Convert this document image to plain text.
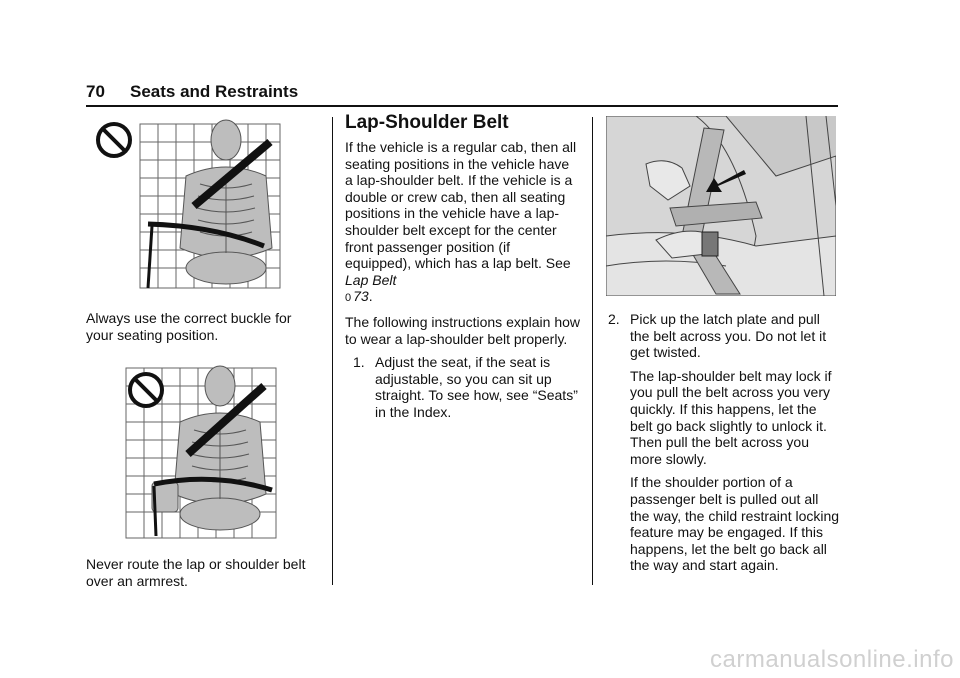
70 Seats and Restraints

Always use the correct buckle for your seating position.

Never route the lap or shoulder belt over an armrest.

Lap-Shoulder Belt

If the vehicle is a regular cab, then all seating positions in the vehicle have a lap-shoulder belt. If the vehicle is a double or crew cab, then all seating positions in the vehicle have a lap-shoulder belt except for the center front passenger position (if equipped), which has a lap belt. See Lap Belt
0 73.

The following instructions explain how to wear a lap-shoulder belt properly.

1. Adjust the seat, if the seat is adjustable, so you can sit up straight. To see how, see “Seats” in the Index.

2. Pick up the latch plate and pull the belt across you. Do not let it get twisted.

The lap-shoulder belt may lock if you pull the belt across you very quickly. If this happens, let the belt go back slightly to unlock it. Then pull the belt across you more slowly.

If the shoulder portion of a passenger belt is pulled out all the way, the child restraint locking feature may be engaged. If this happens, let the belt go back all the way and start again.

carmanualsonline.info
